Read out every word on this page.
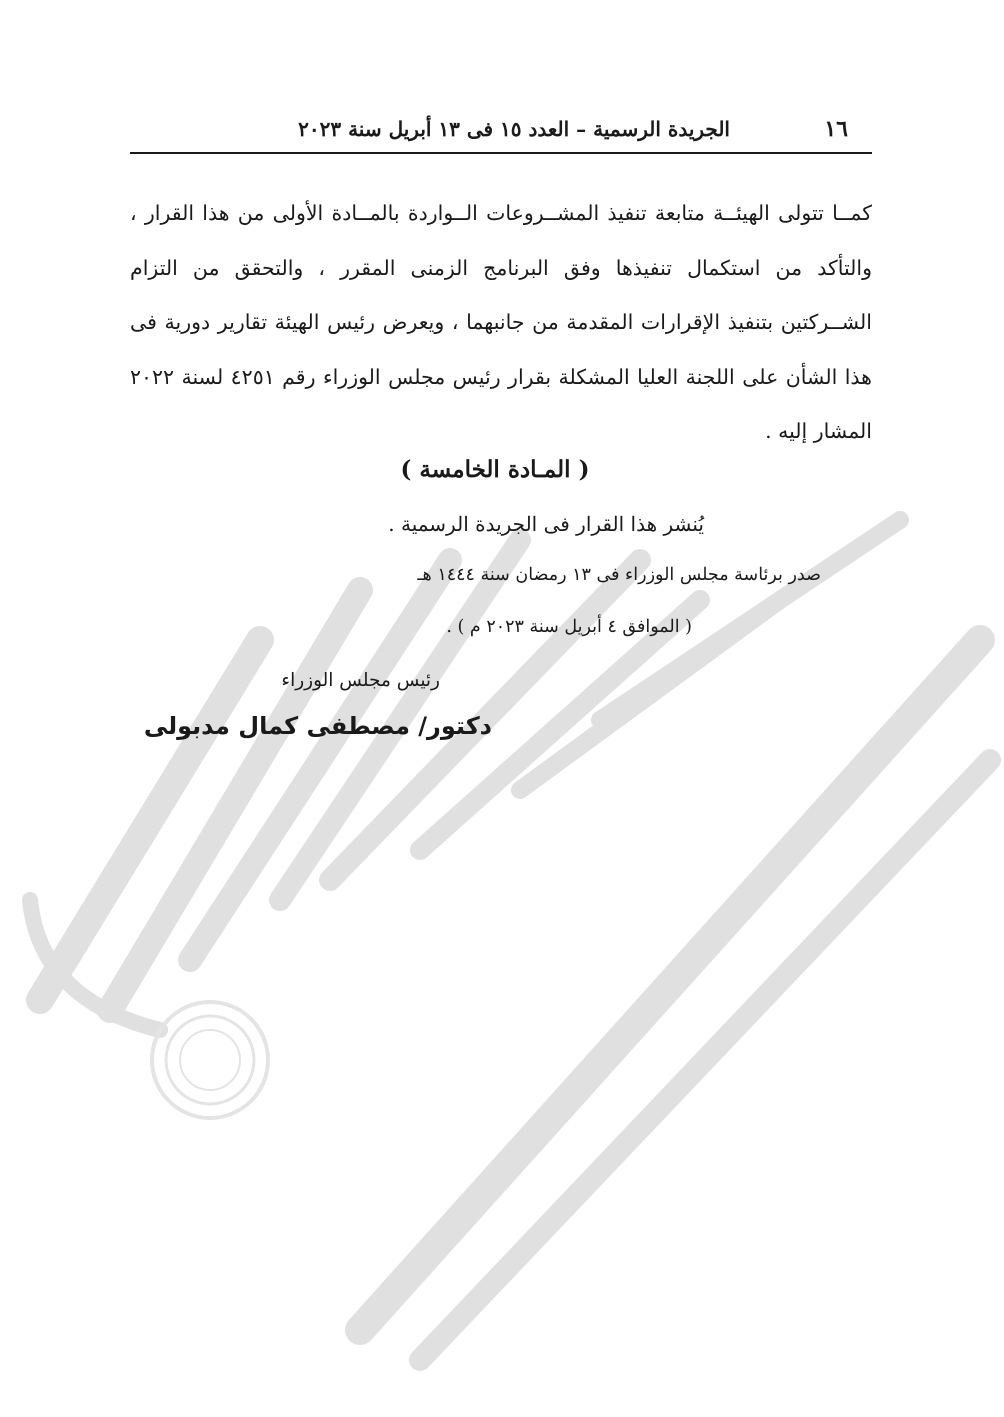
١٦
الجريدة الرسمية – العدد ١٥ فى ١٣ أبريل سنة ٢٠٢٣

كمــا تتولى الهيئــة متابعة تنفيذ المشــروعات الــواردة بالمــادة الأولى من هذا القرار ، والتأكد من استكمال تنفيذها وفق البرنامج الزمنى المقرر ، والتحقق من التزام الشــركتين بتنفيذ الإقرارات المقدمة من جانبهما ، ويعرض رئيس الهيئة تقارير دورية فى هذا الشأن على اللجنة العليا المشكلة بقرار رئيس مجلس الوزراء رقم ٤٢٥١ لسنة ٢٠٢٢ المشار إليه .

( المـادة الخامسة )
يُنشر هذا القرار فى الجريدة الرسمية .
صدر برئاسة مجلس الوزراء فى ١٣ رمضان سنة ١٤٤٤ هـ
( الموافق ٤ أبريل سنة ٢٠٢٣ م ) .
رئيس مجلس الوزراء
دكتور/ مصطفى كمال مدبولى
